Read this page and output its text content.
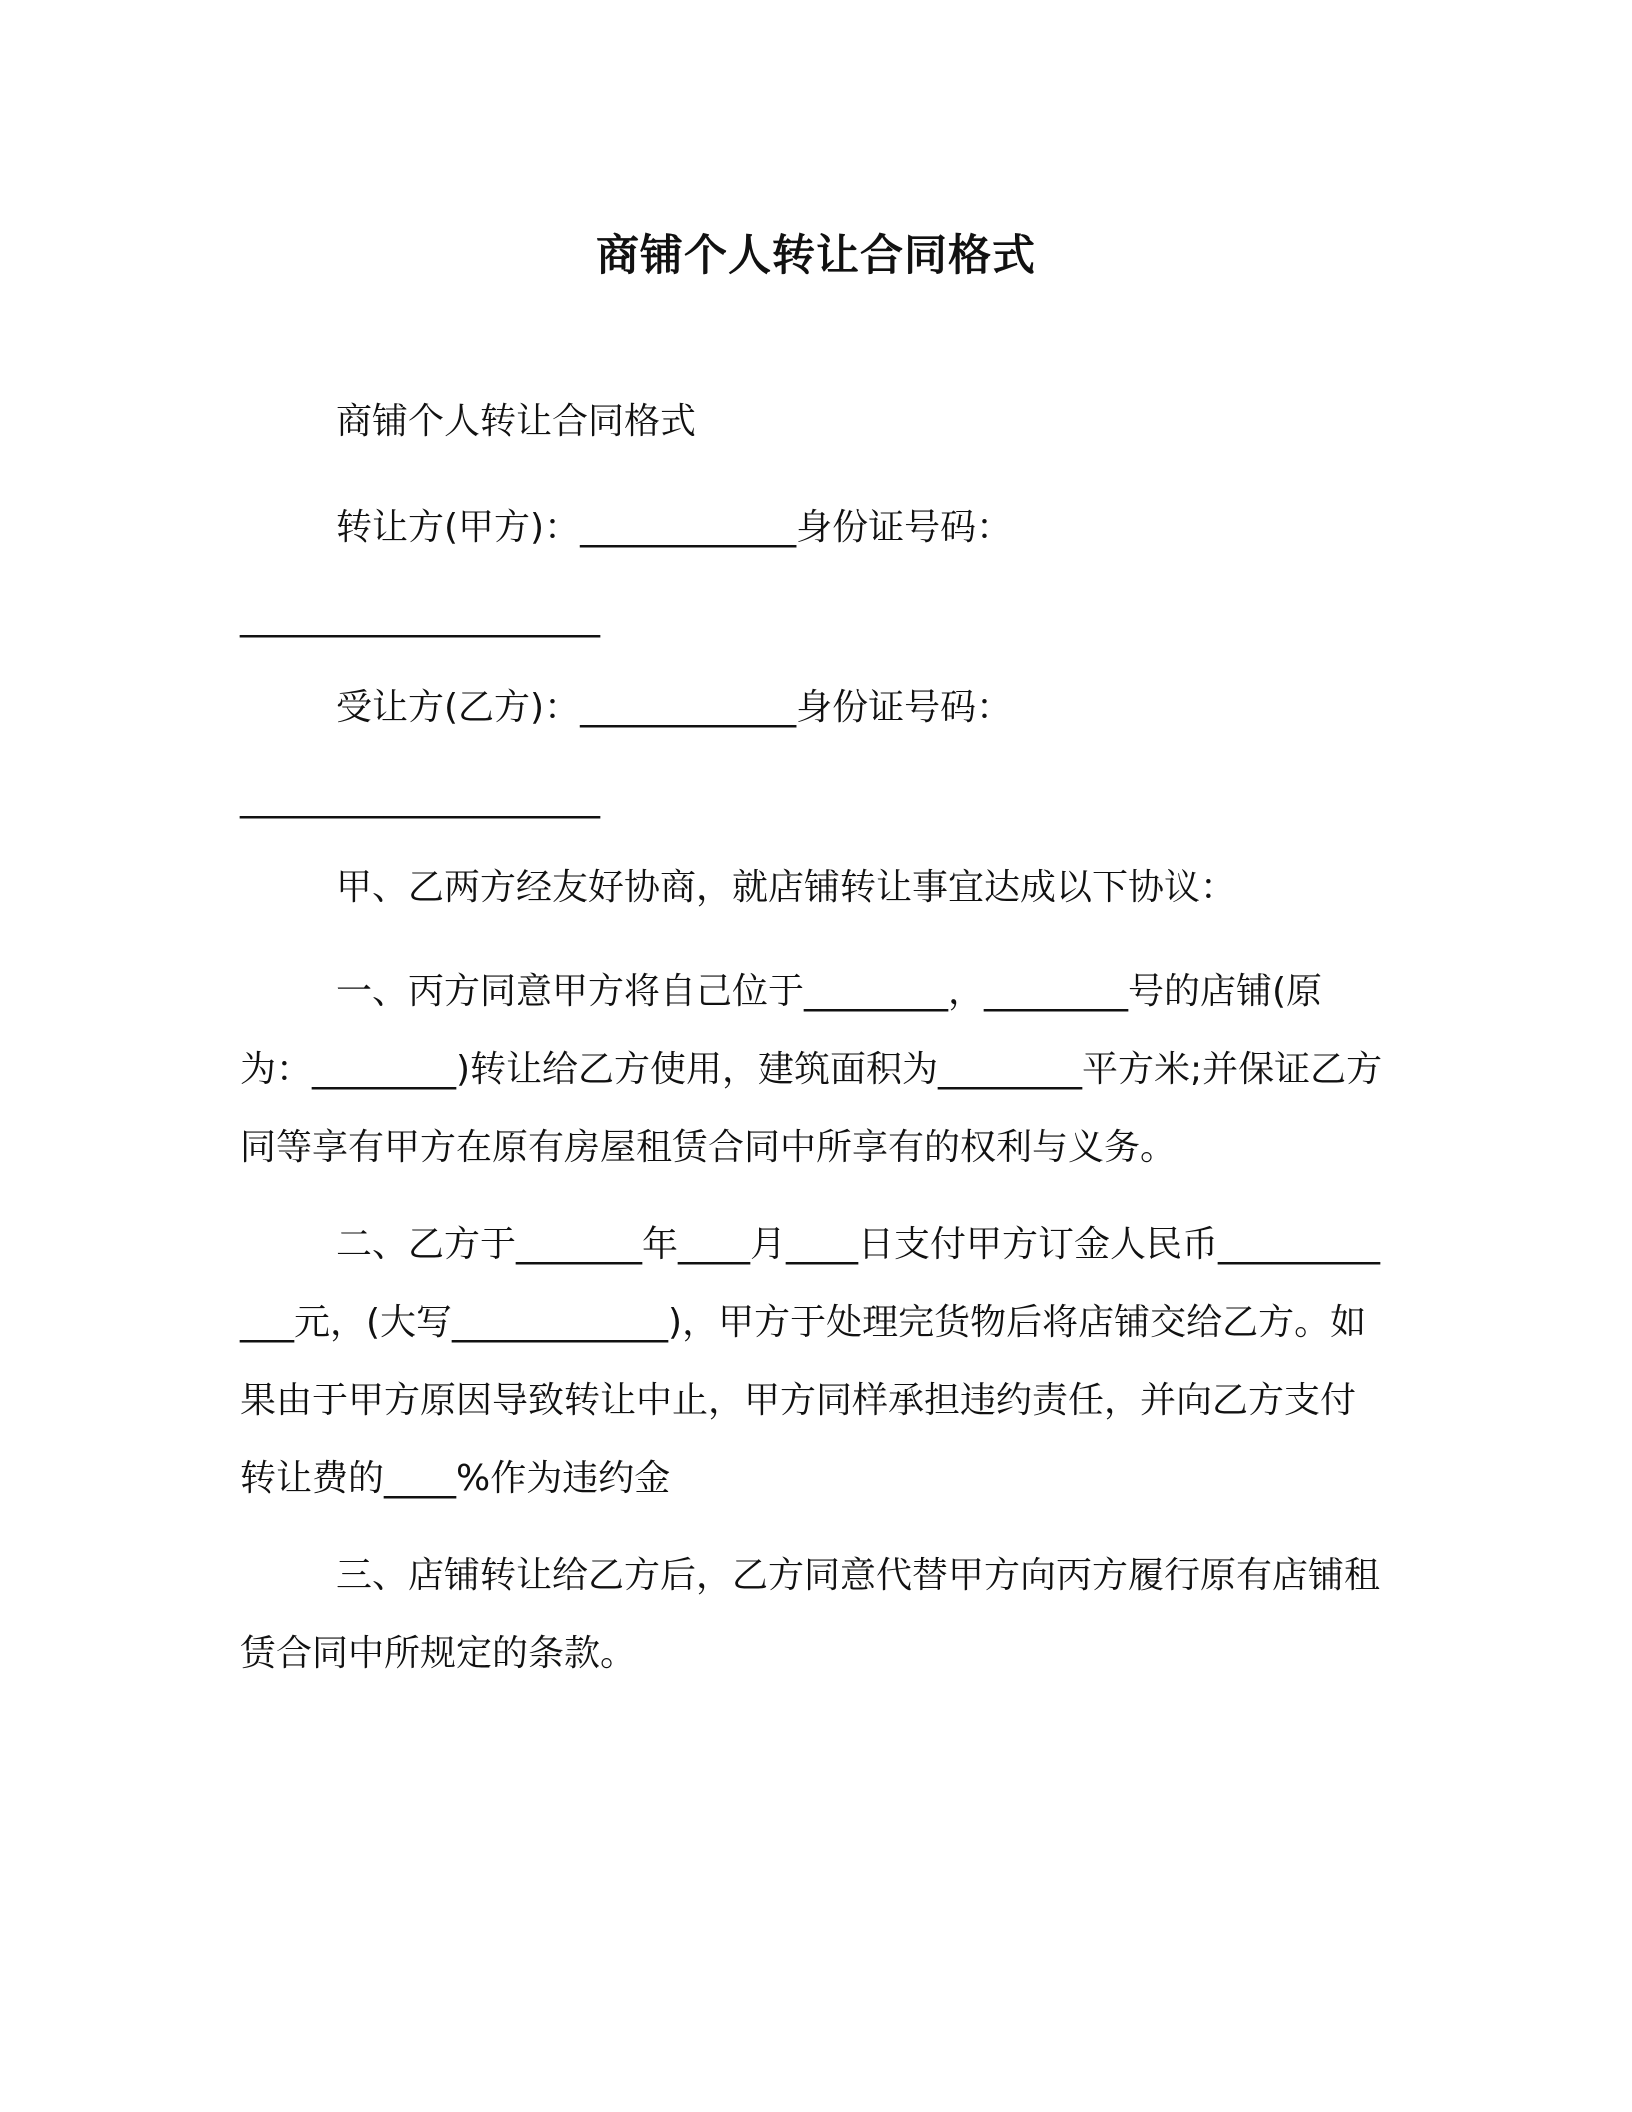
商铺个人转让合同格式
商铺个人转让合同格式
转让方(甲方)：____________身份证号码：
____________________
受让方(乙方)：____________身份证号码：
____________________
甲、乙两方经友好协商，就店铺转让事宜达成以下协议：
一、丙方同意甲方将自己位于________，________号的店铺(原为：________)转让给乙方使用，建筑面积为________平方米;并保证乙方同等享有甲方在原有房屋租赁合同中所享有的权利与义务。
二、乙方于_______年____月____日支付甲方订金人民币____________元，(大写____________)，甲方于处理完货物后将店铺交给乙方。如果由于甲方原因导致转让中止，甲方同样承担违约责任，并向乙方支付转让费的____%作为违约金
三、店铺转让给乙方后，乙方同意代替甲方向丙方履行原有店铺租赁合同中所规定的条款。
